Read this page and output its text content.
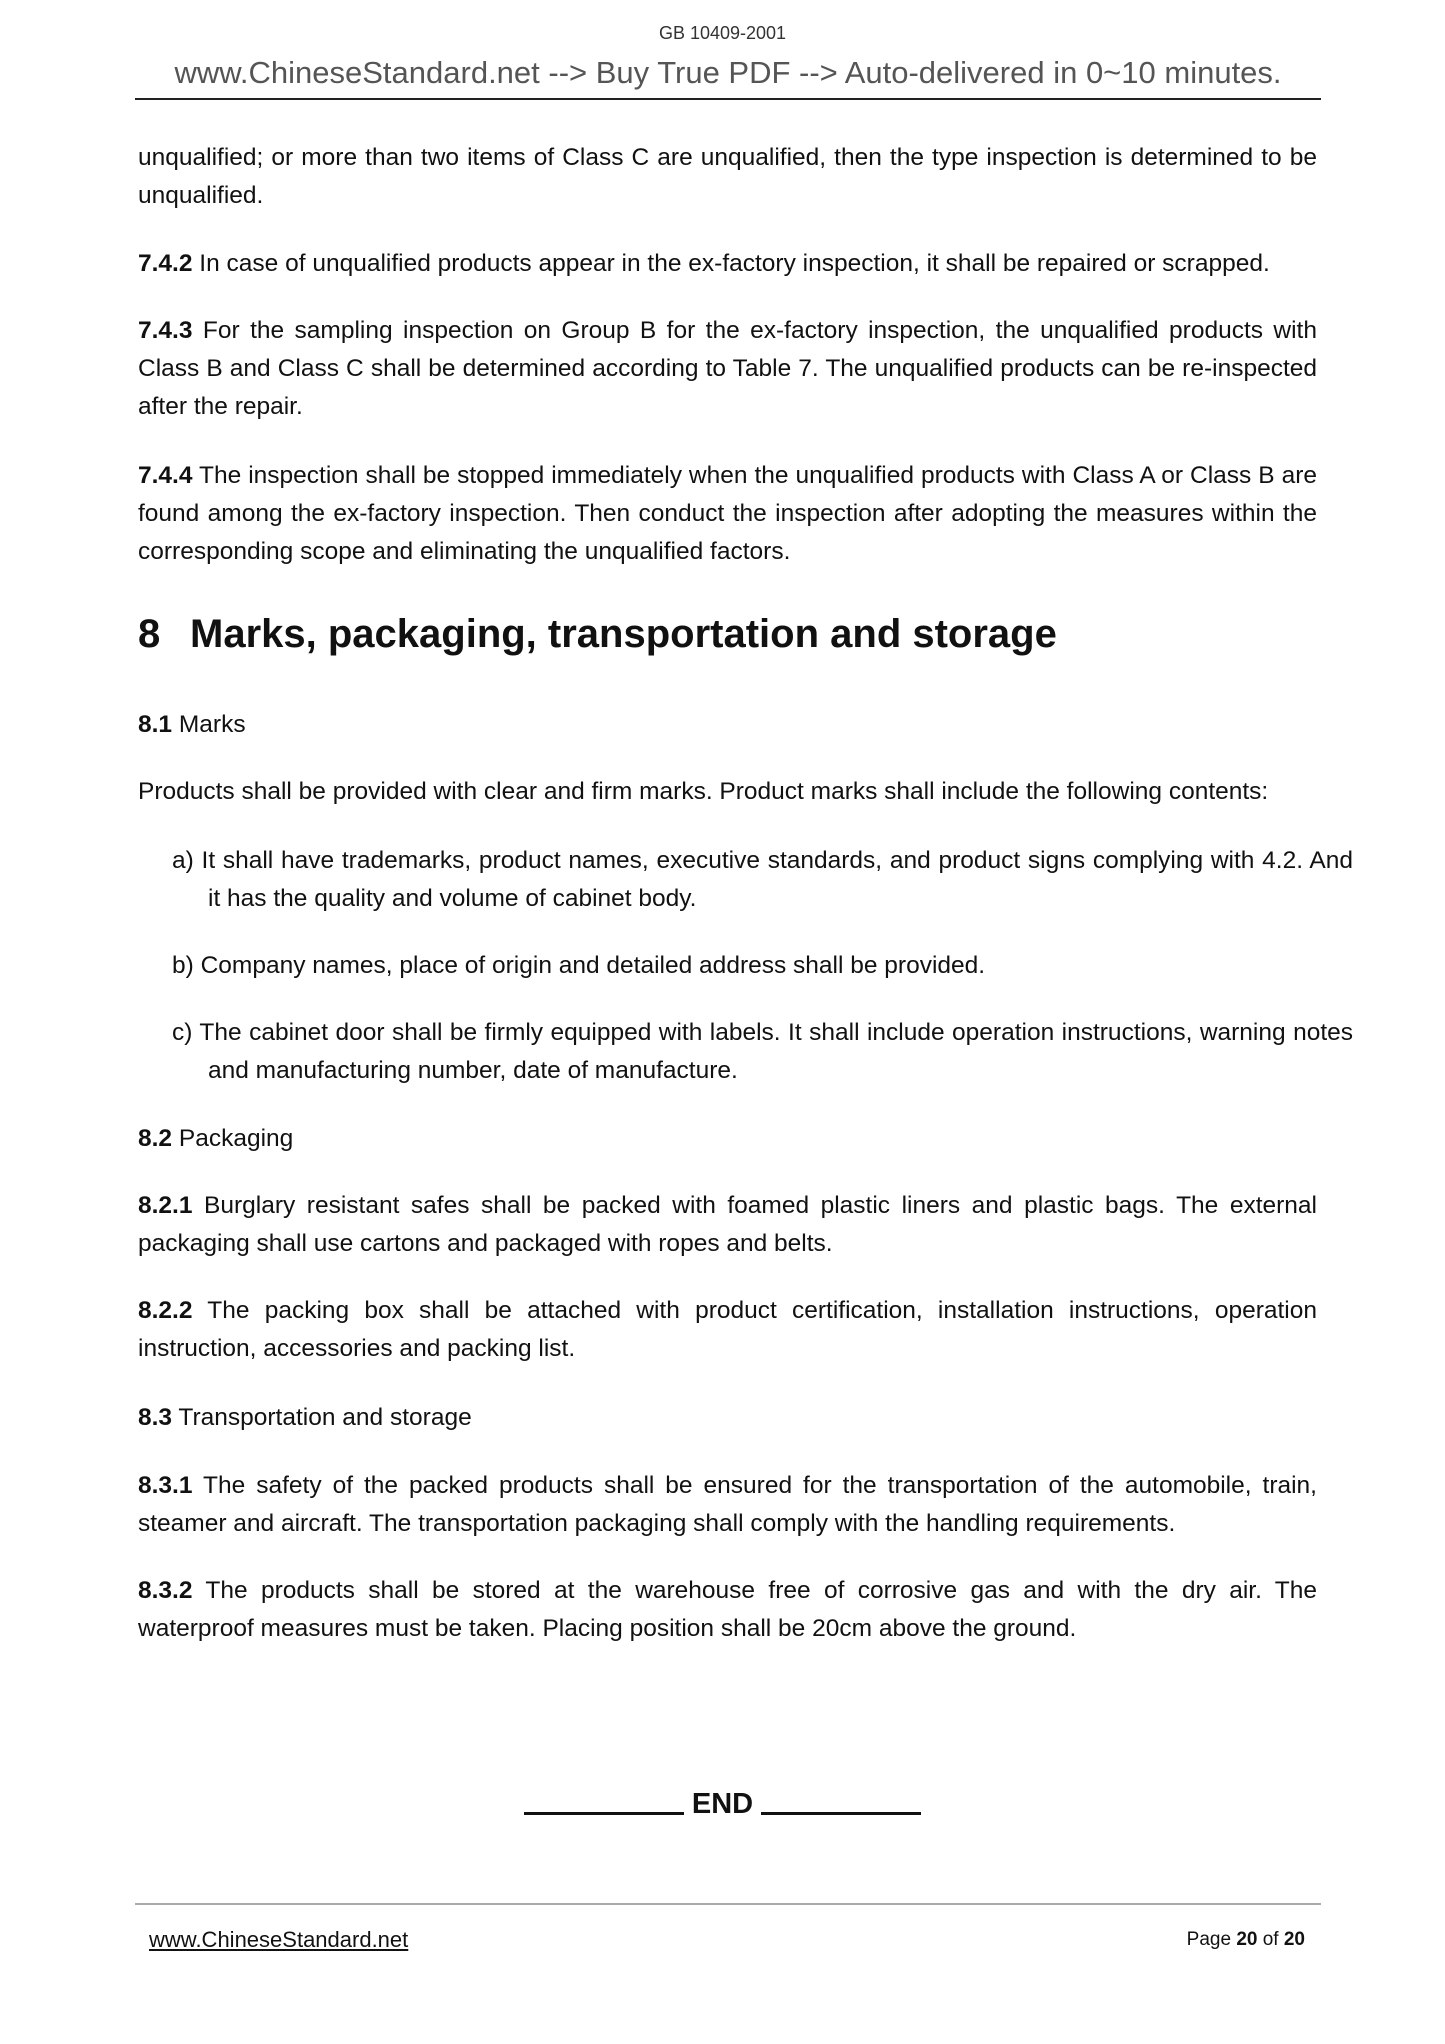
GB 10409-2001
www.ChineseStandard.net --> Buy True PDF --> Auto-delivered in 0~10 minutes.
unqualified; or more than two items of Class C are unqualified, then the type inspection is determined to be unqualified.
7.4.2 In case of unqualified products appear in the ex-factory inspection, it shall be repaired or scrapped.
7.4.3 For the sampling inspection on Group B for the ex-factory inspection, the unqualified products with Class B and Class C shall be determined according to Table 7. The unqualified products can be re-inspected after the repair.
7.4.4 The inspection shall be stopped immediately when the unqualified products with Class A or Class B are found among the ex-factory inspection. Then conduct the inspection after adopting the measures within the corresponding scope and eliminating the unqualified factors.
8 Marks, packaging, transportation and storage
8.1 Marks
Products shall be provided with clear and firm marks. Product marks shall include the following contents:
a) It shall have trademarks, product names, executive standards, and product signs complying with 4.2. And it has the quality and volume of cabinet body.
b) Company names, place of origin and detailed address shall be provided.
c) The cabinet door shall be firmly equipped with labels. It shall include operation instructions, warning notes and manufacturing number, date of manufacture.
8.2 Packaging
8.2.1 Burglary resistant safes shall be packed with foamed plastic liners and plastic bags. The external packaging shall use cartons and packaged with ropes and belts.
8.2.2 The packing box shall be attached with product certification, installation instructions, operation instruction, accessories and packing list.
8.3 Transportation and storage
8.3.1 The safety of the packed products shall be ensured for the transportation of the automobile, train, steamer and aircraft. The transportation packaging shall comply with the handling requirements.
8.3.2 The products shall be stored at the warehouse free of corrosive gas and with the dry air. The waterproof measures must be taken. Placing position shall be 20cm above the ground.
END
www.ChineseStandard.net	Page 20 of 20
